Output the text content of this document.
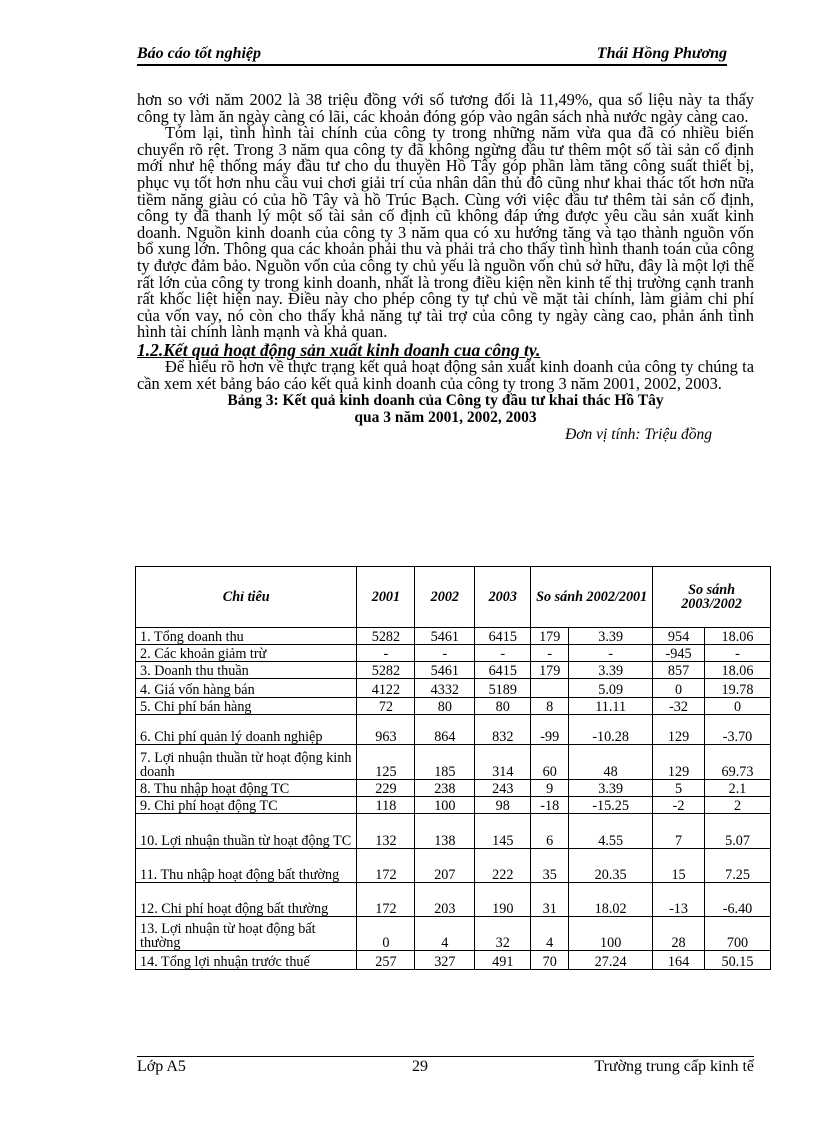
Báo cáo tốt nghiệp	Thái Hồng Phương

hơn so với năm 2002 là 38 triệu đồng với số tương đối là 11,49%, qua số liệu này ta thấy công ty làm ăn ngày càng có lãi, các khoản đóng góp vào ngân sách nhà nước ngày càng cao.

Tóm lại, tình hình tài chính của công ty trong những năm vừa qua đã có nhiều biến chuyển rõ rệt. Trong 3 năm qua công ty đã không ngừng đầu tư thêm một số tài sản cố định mới như hệ thống máy đầu tư cho du thuyền Hồ Tây góp phần làm tăng công suất thiết bị, phục vụ tốt hơn nhu cầu vui chơi giải trí của nhân dân thủ đô cũng như khai thác tốt hơn nữa tiềm năng giàu có của hồ Tây và hồ Trúc Bạch. Cùng với việc đầu tư thêm tài sản cố định, công ty đã thanh lý một số tài sản cố định cũ không đáp ứng được yêu cầu sản xuất kinh doanh. Nguồn kinh doanh của công ty 3 năm qua có xu hướng tăng và tạo thành nguồn vốn bổ xung lớn. Thông qua các khoản phải thu và phải trả cho thấy tình hình thanh toán của công ty được đảm bảo. Nguồn vốn của công ty chủ yếu là nguồn vốn chủ sở hữu, đây là một lợi thế rất lớn của công ty trong kinh doanh, nhất là trong điều kiện nền kinh tế thị trường cạnh tranh rất khốc liệt hiện nay. Điều này cho phép công ty tự chủ về mặt tài chính, làm giảm chi phí của vốn vay, nó còn cho thấy khả năng tự tài trợ của công ty ngày càng cao, phản ánh tình hình tài chính lành mạnh và khả quan.

1.2.Kết quả hoạt động sản xuất kinh doanh cua công ty.

Để hiểu rõ hơn về thực trạng kết quả hoạt động sản xuất kinh doanh của công ty chúng ta cần xem xét bảng báo cáo kết quả kinh doanh của công ty trong 3 năm 2001, 2002, 2003.

Bảng 3: Kết quả kinh doanh của Công ty đầu tư khai thác Hồ Tây

qua 3 năm 2001, 2002, 2003

Đơn vị tính: Triệu đồng

Chỉ tiêu	2001	2002	2003	So sánh 2002/2001		So sánh 2003/2002	
1. Tổng doanh thu	5282	5461	6415	179	3.39	954	18.06
2. Các khoản giảm trừ	-	-	-	-	-	-945	-
3. Doanh thu thuần	5282	5461	6415	179	3.39	857	18.06
4. Giá vốn hàng bán	4122	4332	5189		5.09	0	19.78
5. Chi phí bán hàng	72	80	80	8	11.11	-32	0
6. Chi phí quản lý doanh nghiệp	963	864	832	-99	-10.28	129	-3.70
7. Lợi nhuận thuần từ hoạt động kinh doanh	125	185	314	60	48	129	69.73
8. Thu nhập hoạt động TC	229	238	243	9	3.39	5	2.1
9. Chi phí hoạt động TC	118	100	98	-18	-15.25	-2	2
10. Lợi nhuận thuần từ hoạt động TC	132	138	145	6	4.55	7	5.07
11. Thu nhập hoạt động bất thường	172	207	222	35	20.35	15	7.25
12. Chi phí hoạt động bất thường	172	203	190	31	18.02	-13	-6.40
13. Lợi nhuận từ hoạt động bất thường	0	4	32	4	100	28	700
14. Tổng lợi nhuận trước thuế	257	327	491	70	27.24	164	50.15
Lớp A5	29	Trường trung cấp kinh tế
